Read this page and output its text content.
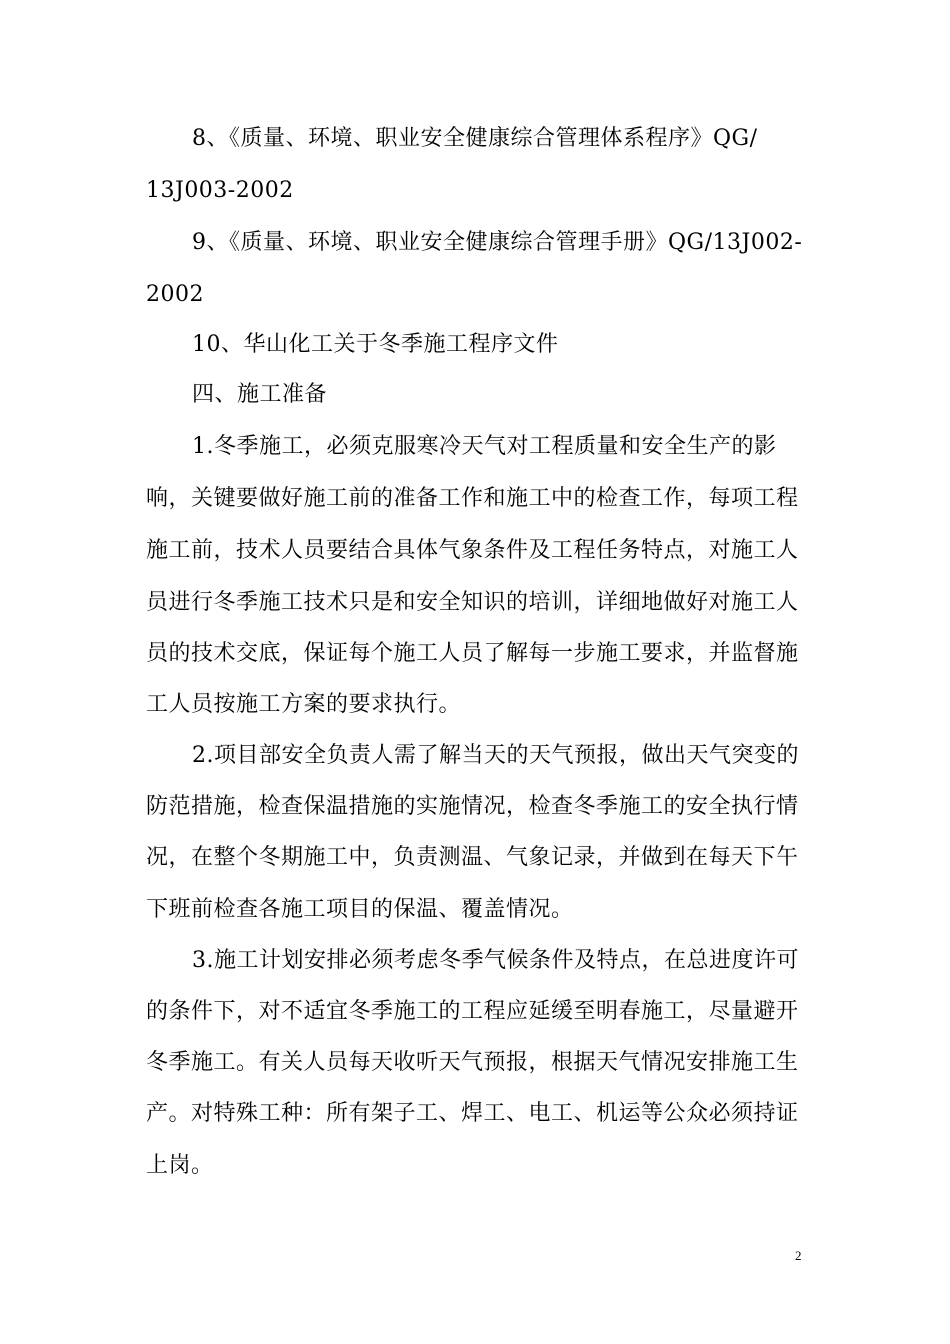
8、《质量、环境、职业安全健康综合管理体系程序》QG/
13J003-2002
9、《质量、环境、职业安全健康综合管理手册》QG/13J002-
2002
10、华山化工关于冬季施工程序文件
四、施工准备
1.冬季施工，必须克服寒冷天气对工程质量和安全生产的影
响，关键要做好施工前的准备工作和施工中的检查工作，每项工程
施工前，技术人员要结合具体气象条件及工程任务特点，对施工人
员进行冬季施工技术只是和安全知识的培训，详细地做好对施工人
员的技术交底，保证每个施工人员了解每一步施工要求，并监督施
工人员按施工方案的要求执行。
2.项目部安全负责人需了解当天的天气预报，做出天气突变的
防范措施，检查保温措施的实施情况，检查冬季施工的安全执行情
况，在整个冬期施工中，负责测温、气象记录，并做到在每天下午
下班前检查各施工项目的保温、覆盖情况。
3.施工计划安排必须考虑冬季气候条件及特点，在总进度许可
的条件下，对不适宜冬季施工的工程应延缓至明春施工，尽量避开
冬季施工。有关人员每天收听天气预报，根据天气情况安排施工生
产。对特殊工种：所有架子工、焊工、电工、机运等公众必须持证
上岗。
2
